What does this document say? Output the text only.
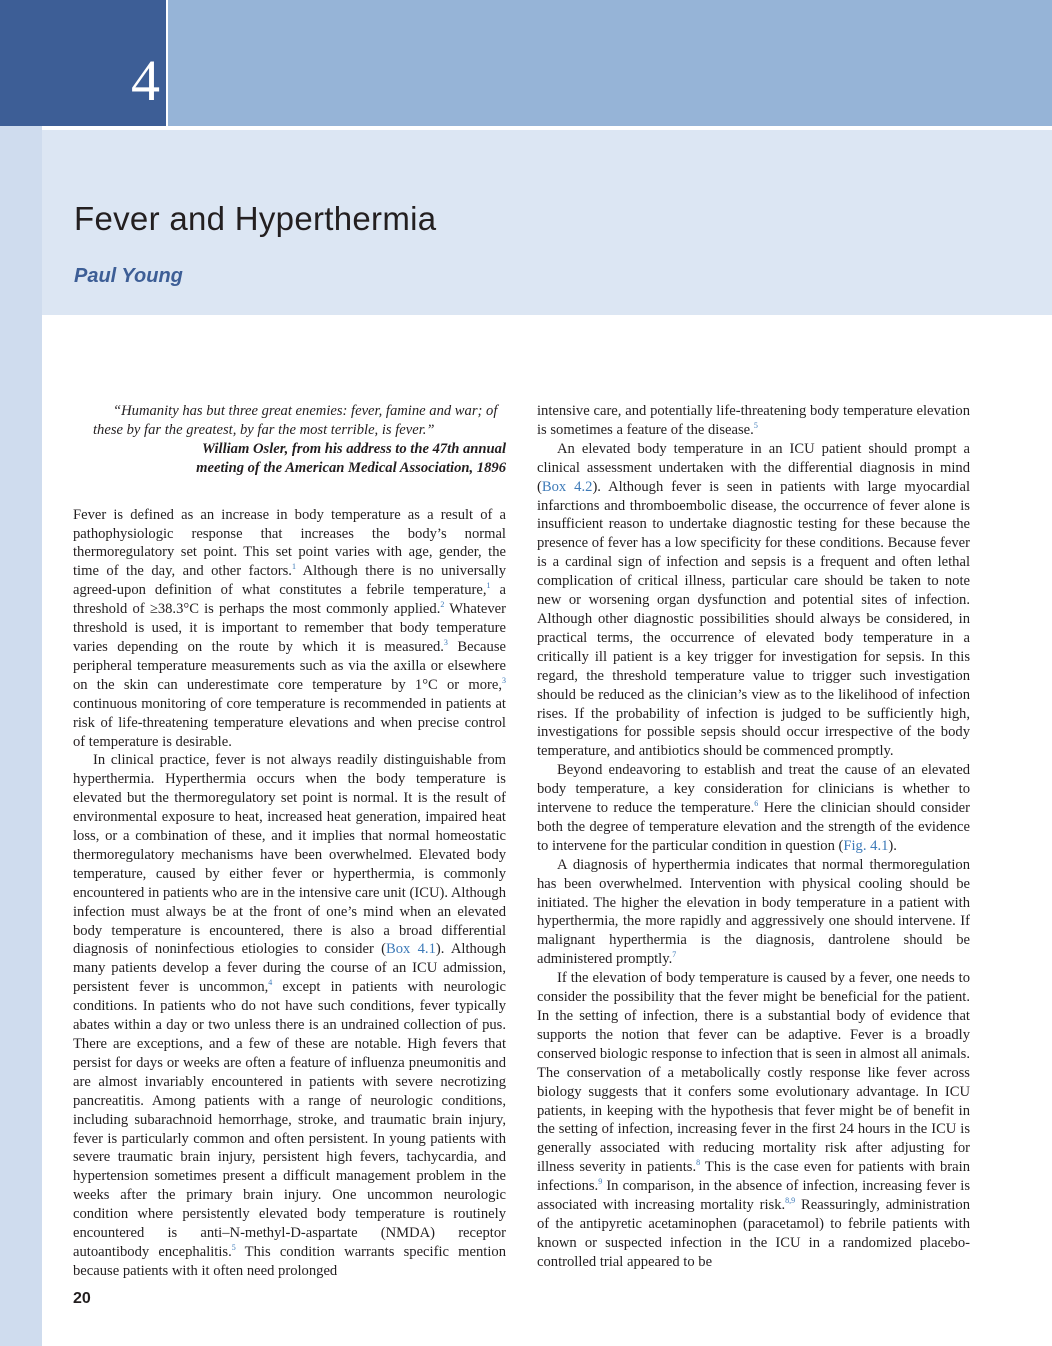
4
Fever and Hyperthermia
Paul Young

“Humanity has but three great enemies: fever, famine and war; of these by far the greatest, by far the most terrible, is fever.”

William Osler, from his address to the 47th annual

meeting of the American Medical Association, 1896

Fever is defined as an increase in body temperature as a result of a pathophysiologic response that increases the body’s normal thermoregulatory set point. This set point varies with age, gender, the time of the day, and other factors.$^1$ Although there is no universally agreed-upon definition of what constitutes a febrile temperature,$^1$ a threshold of ≥38.3°C is perhaps the most commonly applied.$^2$ Whatever threshold is used, it is important to remember that body temperature varies depending on the route by which it is measured.$^3$ Because peripheral temperature measurements such as via the axilla or elsewhere on the skin can underestimate core temperature by 1°C or more,$^3$ continuous monitoring of core temperature is recommended in patients at risk of life-threatening temperature elevations and when precise control of temperature is desirable.

In clinical practice, fever is not always readily distinguishable from hyperthermia. Hyperthermia occurs when the body temperature is elevated but the thermoregulatory set point is normal. It is the result of environmental exposure to heat, increased heat generation, impaired heat loss, or a combination of these, and it implies that normal homeostatic thermoregulatory mechanisms have been overwhelmed. Elevated body temperature, caused by either fever or hyperthermia, is commonly encountered in patients who are in the intensive care unit (ICU). Although infection must always be at the front of one’s mind when an elevated body temperature is encountered, there is also a broad differential diagnosis of noninfectious etiologies to consider (Box 4.1). Although many patients develop a fever during the course of an ICU admission, persistent fever is uncommon,$^4$ except in patients with neurologic conditions. In patients who do not have such conditions, fever typically abates within a day or two unless there is an undrained collection of pus. There are exceptions, and a few of these are notable. High fevers that persist for days or weeks are often a feature of influenza pneumonitis and are almost invariably encountered in patients with severe necrotizing pancreatitis. Among patients with a range of neurologic conditions, including subarachnoid hemorrhage, stroke, and traumatic brain injury, fever is particularly common and often persistent. In young patients with severe traumatic brain injury, persistent high fevers, tachycardia, and hypertension sometimes present a difficult management problem in the weeks after the primary brain injury. One uncommon neurologic condition where persistently elevated body temperature is routinely encountered is anti–N-methyl-D-aspartate (NMDA) receptor autoantibody encephalitis.$^5$ This condition warrants specific mention because patients with it often need prolonged

intensive care, and potentially life-threatening body temperature elevation is sometimes a feature of the disease.$^5$

An elevated body temperature in an ICU patient should prompt a clinical assessment undertaken with the differential diagnosis in mind (Box 4.2). Although fever is seen in patients with large myocardial infarctions and thromboembolic disease, the occurrence of fever alone is insufficient reason to undertake diagnostic testing for these because the presence of fever has a low specificity for these conditions. Because fever is a cardinal sign of infection and sepsis is a frequent and often lethal complication of critical illness, particular care should be taken to note new or worsening organ dysfunction and potential sites of infection. Although other diagnostic possibilities should always be considered, in practical terms, the occurrence of elevated body temperature in a critically ill patient is a key trigger for investigation for sepsis. In this regard, the threshold temperature value to trigger such investigation should be reduced as the clinician’s view as to the likelihood of infection rises. If the probability of infection is judged to be sufficiently high, investigations for possible sepsis should occur irrespective of the body temperature, and antibiotics should be commenced promptly.

Beyond endeavoring to establish and treat the cause of an elevated body temperature, a key consideration for clinicians is whether to intervene to reduce the temperature.$^6$ Here the clinician should consider both the degree of temperature elevation and the strength of the evidence to intervene for the particular condition in question (Fig. 4.1).

A diagnosis of hyperthermia indicates that normal thermoregulation has been overwhelmed. Intervention with physical cooling should be initiated. The higher the elevation in body temperature in a patient with hyperthermia, the more rapidly and aggressively one should intervene. If malignant hyperthermia is the diagnosis, dantrolene should be administered promptly.$^7$

If the elevation of body temperature is caused by a fever, one needs to consider the possibility that the fever might be beneficial for the patient. In the setting of infection, there is a substantial body of evidence that supports the notion that fever can be adaptive. Fever is a broadly conserved biologic response to infection that is seen in almost all animals. The conservation of a metabolically costly response like fever across biology suggests that it confers some evolutionary advantage. In ICU patients, in keeping with the hypothesis that fever might be of benefit in the setting of infection, increasing fever in the first 24 hours in the ICU is generally associated with reducing mortality risk after adjusting for illness severity in patients.$^8$ This is the case even for patients with brain infections.$^9$ In comparison, in the absence of infection, increasing fever is associated with increasing mortality risk.$^{8,9}$ Reassuringly, administration of the antipyretic acetaminophen (paracetamol) to febrile patients with known or suspected infection in the ICU in a randomized placebo-controlled trial appeared to be

20
